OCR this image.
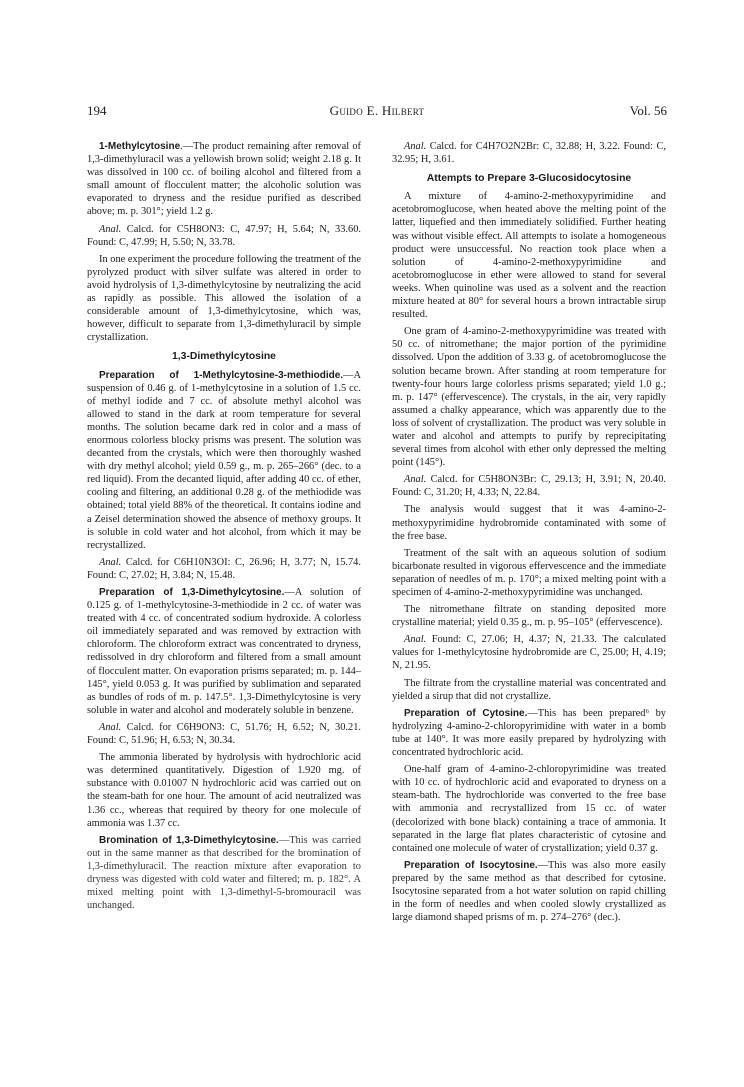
194	Guido E. Hilbert	Vol. 56

1-Methylcytosine.—The product remaining after removal of 1,3-dimethyluracil was a yellowish brown solid; weight 2.18 g. It was dissolved in 100 cc. of boiling alcohol and filtered from a small amount of flocculent matter; the alcoholic solution was evaporated to dryness and the residue purified as described above; m. p. 301°; yield 1.2 g.

Anal. Calcd. for C5H8ON3: C, 47.97; H, 5.64; N, 33.60. Found: C, 47.99; H, 5.50; N, 33.78.

In one experiment the procedure following the treatment of the pyrolyzed product with silver sulfate was altered in order to avoid hydrolysis of 1,3-dimethylcytosine by neutralizing the acid as rapidly as possible. This allowed the isolation of a considerable amount of 1,3-dimethylcytosine, which was, however, difficult to separate from 1,3-dimethyluracil by simple crystallization.

1,3-Dimethylcytosine

Preparation of 1-Methylcytosine-3-methiodide.—A suspension of 0.46 g. of 1-methylcytosine in a solution of 1.5 cc. of methyl iodide and 7 cc. of absolute methyl alcohol was allowed to stand in the dark at room temperature for several months. The solution became dark red in color and a mass of enormous colorless blocky prisms was present. The solution was decanted from the crystals, which were then thoroughly washed with dry methyl alcohol; yield 0.59 g., m. p. 265–266° (dec. to a red liquid). From the decanted liquid, after adding 40 cc. of ether, cooling and filtering, an additional 0.28 g. of the methiodide was obtained; total yield 88% of the theoretical. It contains iodine and a Zeisel determination showed the absence of methoxy groups. It is soluble in cold water and hot alcohol, from which it may be recrystallized.

Anal. Calcd. for C6H10N3OI: C, 26.96; H, 3.77; N, 15.74. Found: C, 27.02; H, 3.84; N, 15.48.

Preparation of 1,3-Dimethylcytosine.—A solution of 0.125 g. of 1-methylcytosine-3-methiodide in 2 cc. of water was treated with 4 cc. of concentrated sodium hydroxide. A colorless oil immediately separated and was removed by extraction with chloroform. The chloroform extract was concentrated to dryness, redissolved in dry chloroform and filtered from a small amount of flocculent matter. On evaporation prisms separated; m. p. 144–145°, yield 0.053 g. It was purified by sublimation and separated as bundles of rods of m. p. 147.5°. 1,3-Dimethylcytosine is very soluble in water and alcohol and moderately soluble in benzene.

Anal. Calcd. for C6H9ON3: C, 51.76; H, 6.52; N, 30.21. Found: C, 51.96; H, 6.53; N, 30.34.

The ammonia liberated by hydrolysis with hydrochloric acid was determined quantitatively. Digestion of 1.920 mg. of substance with 0.01007 N hydrochloric acid was carried out on the steam-bath for one hour. The amount of acid neutralized was 1.36 cc., whereas that required by theory for one molecule of ammonia was 1.37 cc.

Bromination of 1,3-Dimethylcytosine.—This was carried out in the same manner as that described for the bromination of 1,3-dimethyluracil. The reaction mixture after evaporation to dryness was digested with cold water and filtered; m. p. 182°. A mixed melting point with 1,3-dimethyl-5-bromouracil was unchanged.

Anal. Calcd. for C4H7O2N2Br: C, 32.88; H, 3.22. Found: C, 32.95; H, 3.61.

Attempts to Prepare 3-Glucosidocytosine

A mixture of 4-amino-2-methoxypyrimidine and acetobromoglucose, when heated above the melting point of the latter, liquefied and then immediately solidified. Further heating was without visible effect. All attempts to isolate a homogeneous product were unsuccessful. No reaction took place when a solution of 4-amino-2-methoxypyrimidine and acetobromoglucose in ether were allowed to stand for several weeks. When quinoline was used as a solvent and the reaction mixture heated at 80° for several hours a brown intractable sirup resulted.

One gram of 4-amino-2-methoxypyrimidine was treated with 50 cc. of nitromethane; the major portion of the pyrimidine dissolved. Upon the addition of 3.33 g. of acetobromoglucose the solution became brown. After standing at room temperature for twenty-four hours large colorless prisms separated; yield 1.0 g.; m. p. 147° (effervescence). The crystals, in the air, very rapidly assumed a chalky appearance, which was apparently due to the loss of solvent of crystallization. The product was very soluble in water and alcohol and attempts to purify by reprecipitating several times from alcohol with ether only depressed the melting point (145°).

Anal. Calcd. for C5H8ON3Br: C, 29.13; H, 3.91; N, 20.40. Found: C, 31.20; H, 4.33; N, 22.84.

The analysis would suggest that it was 4-amino-2-methoxypyrimidine hydrobromide contaminated with some of the free base.

Treatment of the salt with an aqueous solution of sodium bicarbonate resulted in vigorous effervescence and the immediate separation of needles of m. p. 170°; a mixed melting point with a specimen of 4-amino-2-methoxypyrimidine was unchanged.

The nitromethane filtrate on standing deposited more crystalline material; yield 0.35 g., m. p. 95–105° (effervescence).

Anal. Found: C, 27.06; H, 4.37; N, 21.33. The calculated values for 1-methylcytosine hydrobromide are C, 25.00; H, 4.19; N, 21.95.

The filtrate from the crystalline material was concentrated and yielded a sirup that did not crystallize.

Preparation of Cytosine.—This has been prepared⁶ by hydrolyzing 4-amino-2-chloropyrimidine with water in a bomb tube at 140°. It was more easily prepared by hydrolyzing with concentrated hydrochloric acid.

One-half gram of 4-amino-2-chloropyrimidine was treated with 10 cc. of hydrochloric acid and evaporated to dryness on a steam-bath. The hydrochloride was converted to the free base with ammonia and recrystallized from 15 cc. of water (decolorized with bone black) containing a trace of ammonia. It separated in the large flat plates characteristic of cytosine and contained one molecule of water of crystallization; yield 0.37 g.

Preparation of Isocytosine.—This was also more easily prepared by the same method as that described for cytosine. Isocytosine separated from a hot water solution on rapid chilling in the form of needles and when cooled slowly crystallized as large diamond shaped prisms of m. p. 274–276° (dec.).
